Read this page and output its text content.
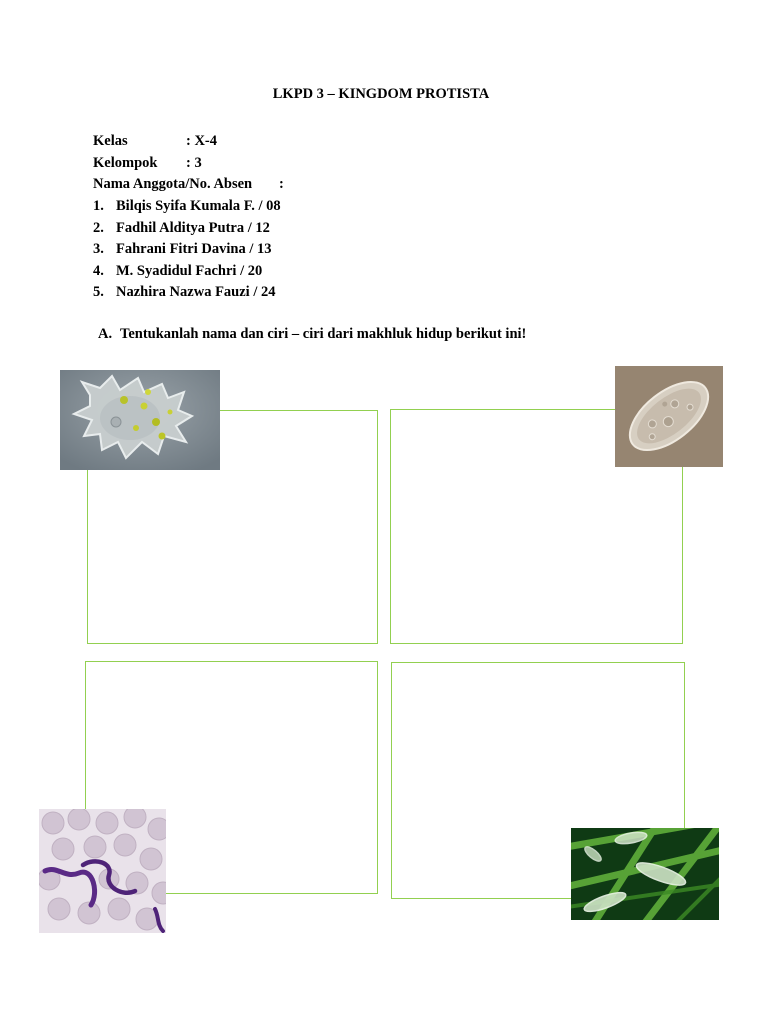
LKPD 3 – KINGDOM PROTISTA
Kelas	: X-4
Kelompok : 3
Nama Anggota/No. Absen :
1. Bilqis Syifa Kumala F. / 08
2. Fadhil Alditya Putra / 12
3. Fahrani Fitri Davina / 13
4. M. Syadidul Fachri / 20
5. Nazhira Nazwa Fauzi / 24
A. Tentukanlah nama dan ciri – ciri dari makhluk hidup berikut ini!
